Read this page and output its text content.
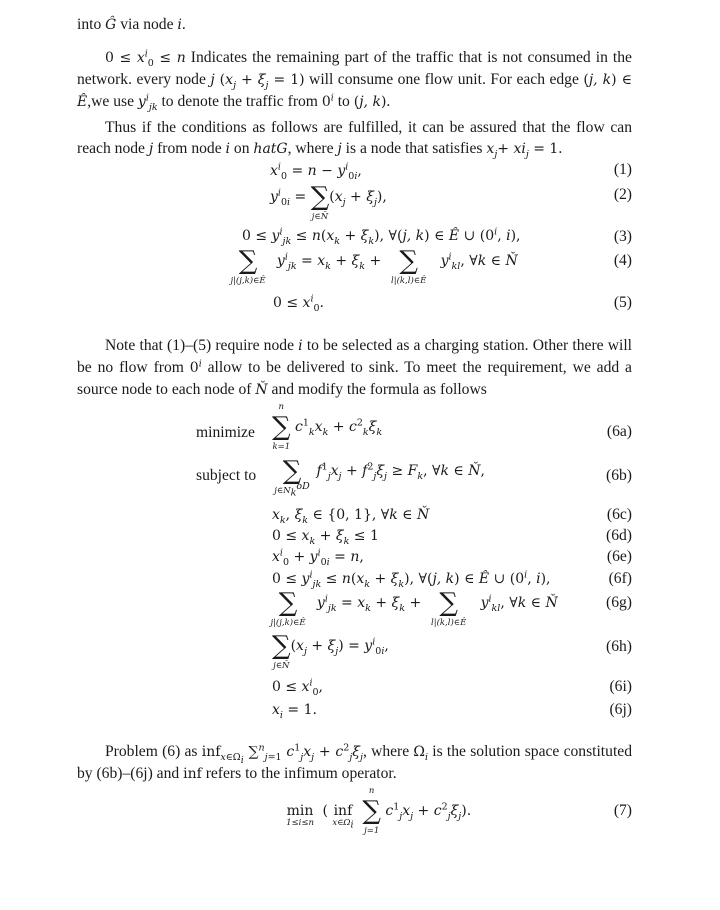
into Ĝ via node i.
$0 \le x^i_0 \le n$ Indicates the remaining part of the traffic that is not consumed in the network. every node j $(x_j + \xi_j = 1)$ will consume one flow unit. For each edge (j, k) ∈ Ê,we use $y^i_{jk}$ to denote the traffic from 0$^i$ to (j, k).
Thus if the conditions as follows are fulfilled, it can be assured that the flow can reach node j from node i on hatG, where j is a node that satisfies $x_j+ xi_j = 1$.
$x^i_0 = n - y^i_{0i}$,	(1)
$y^i_{0i}$ = ∑
j∈Ň
$(x_j + \xi_j)$,	(2)
$0 \le y^i_{jk} \le n(x_k + \xi_k)$, ∀(j, k) ∈ Ê ∪ (0$^i$, i),	(3)
∑
j|(j,k)∈Ê
$y^i_{jk} = x_k + \xi_k$ + ∑
l|(k,l)∈Ê
$y^i_{kl}$, ∀k ∈ Ň	(4)
$0 \le x^i_0$.	(5)
Note that (1)–(5) require node i to be selected as a charging station. Other there will be no flow from 0$^i$ allow to be delivered to sink. To meet the requirement, we add a source node to each node of Ň and modify the formula as follows
minimize
n
∑
k=1
$c^1_kx_k + c^2_k\xi_k$	(6a)
subject to	∑
$j\in N_k^{oD}$
$f^1_jx_j + f^2_j\xi_j \ge F_k$, ∀k ∈ Ň,	(6b)
$x_k$, $\xi_k$ ∈ {0, 1}, ∀k ∈ Ň	(6c)
$0 \le x_k + \xi_k \le 1$	(6d)
$x^i_0 + y^i_{0i} = n$,	(6e)
$0 \le y^i_{jk} \le n(x_k + \xi_k)$, ∀(j, k) ∈ Ê ∪ (0$^i$, i),	(6f)
∑
j|(j,k)∈Ê
$y^i_{jk} = x_k + \xi_k$ + ∑
l|(k,l)∈Ê
$y^i_{kl}$, ∀k ∈ Ň	(6g)
∑
j∈Ň
$(x_j + \xi_j) = y^i_{0i}$,	(6h)
$0 \le x^i_0$,	(6i)
$x_i = 1$.	(6j)
Problem (6) as inf$_{x\in\Omega_i}$ ∑$^n_{j=1}$ $c^1_jx_j + c^2_j\xi_j$, where $\Omega_i$ is the solution space constituted by (6b)–(6j) and inf refers to the infimum operator.
min
1≤i≤n
( inf
$x\in\Omega_i$

n
∑
j=1
$c^1_jx_j + c^2_j\xi_j$).	(7)
